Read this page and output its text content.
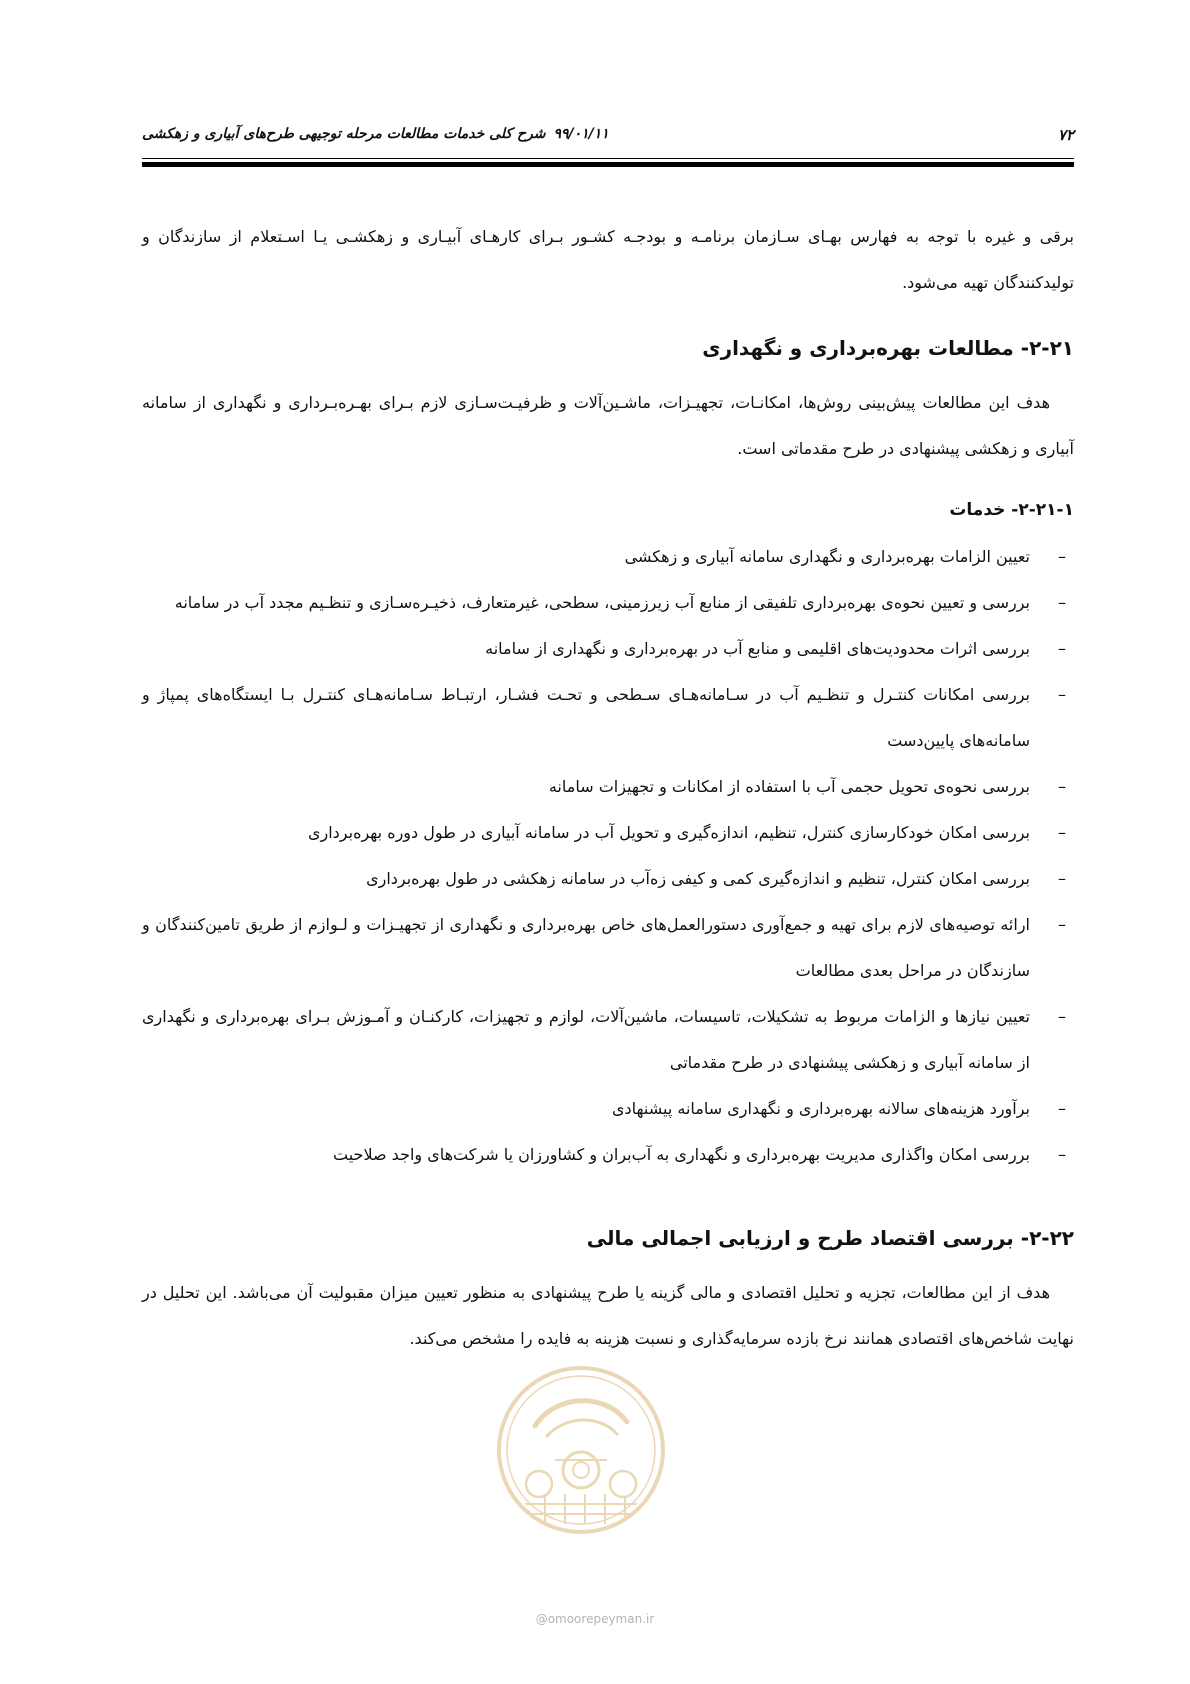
۷۲
۹۹/۰۱/۱۱شرح کلی خدمات مطالعات مرحله توجیهی طرح‌های آبیاری و زهکشی

برقی و غیره با توجه به فهارس بهـای سـازمان برنامـه و بودجـه کشـور بـرای کارهـای آبیـاری و زهکشـی یـا اسـتعلام از سازندگان و تولیدکنندگان تهیه می‌شود.

۲-۲۱- مطالعات بهره‌برداری و نگهداری

هدف این مطالعات پیش‌بینی روش‌ها، امکانـات، تجهیـزات، ماشـین‌آلات و ظرفیـت‌سـازی لازم بـرای بهـره‌بـرداری و نگهداری از سامانه آبیاری و زهکشی پیشنهادی در طرح مقدماتی است.

۲-۲۱-۱- خدمات
–
تعیین الزامات بهره‌برداری و نگهداری سامانه آبیاری و زهکشی
–
بررسی و تعیین نحوه‌ی بهره‌برداری تلفیقی از منابع آب زیرزمینی، سطحی، غیرمتعارف، ذخیـره‌سـازی و تنظـیم مجدد آب در سامانه
–
بررسی اثرات محدودیت‌های اقلیمی و منابع آب در بهره‌برداری و نگهداری از سامانه
–
بررسی امکانات کنتـرل و تنظـیم آب در سـامانه‌هـای سـطحی و تحـت فشـار، ارتبـاط سـامانه‌هـای کنتـرل بـا ایستگاه‌های پمپاژ و سامانه‌های پایین‌دست
–
بررسی نحوه‌ی تحویل حجمی آب با استفاده از امکانات و تجهیزات سامانه
–
بررسی امکان خودکارسازی کنترل، تنظیم، اندازه‌گیری و تحویل آب در سامانه آبیاری در طول دوره بهره‌برداری
–
بررسی امکان کنترل، تنظیم و اندازه‌گیری کمی و کیفی زه‌آب در سامانه زهکشی در طول بهره‌برداری
–
ارائه توصیه‌های لازم برای تهیه و جمع‌آوری دستورالعمل‌های خاص بهره‌برداری و نگهداری از تجهیـزات و لـوازم از طریق تامین‌کنندگان و سازندگان در مراحل بعدی مطالعات
–
تعیین نیازها و الزامات مربوط به تشکیلات، تاسیسات، ماشین‌آلات، لوازم و تجهیزات، کارکنـان و آمـوزش بـرای بهره‌برداری و نگهداری از سامانه آبیاری و زهکشی پیشنهادی در طرح مقدماتی
–
برآورد هزینه‌های سالانه بهره‌برداری و نگهداری سامانه پیشنهادی
–
بررسی امکان واگذاری مدیریت بهره‌برداری و نگهداری به آب‌بران و کشاورزان یا شرکت‌های واجد صلاحیت
۲-۲۲- بررسی اقتصاد طرح و ارزیابی اجمالی مالی

هدف از این مطالعات، تجزیه و تحلیل اقتصادی و مالی گزینه یا طرح پیشنهادی به منظور تعیین میزان مقبولیت آن می‌باشد. این تحلیل در نهایت شاخص‌های اقتصادی همانند نرخ بازده سرمایه‌گذاری و نسبت هزینه به فایده را مشخص می‌کند.

@omoorepeyman.ir
